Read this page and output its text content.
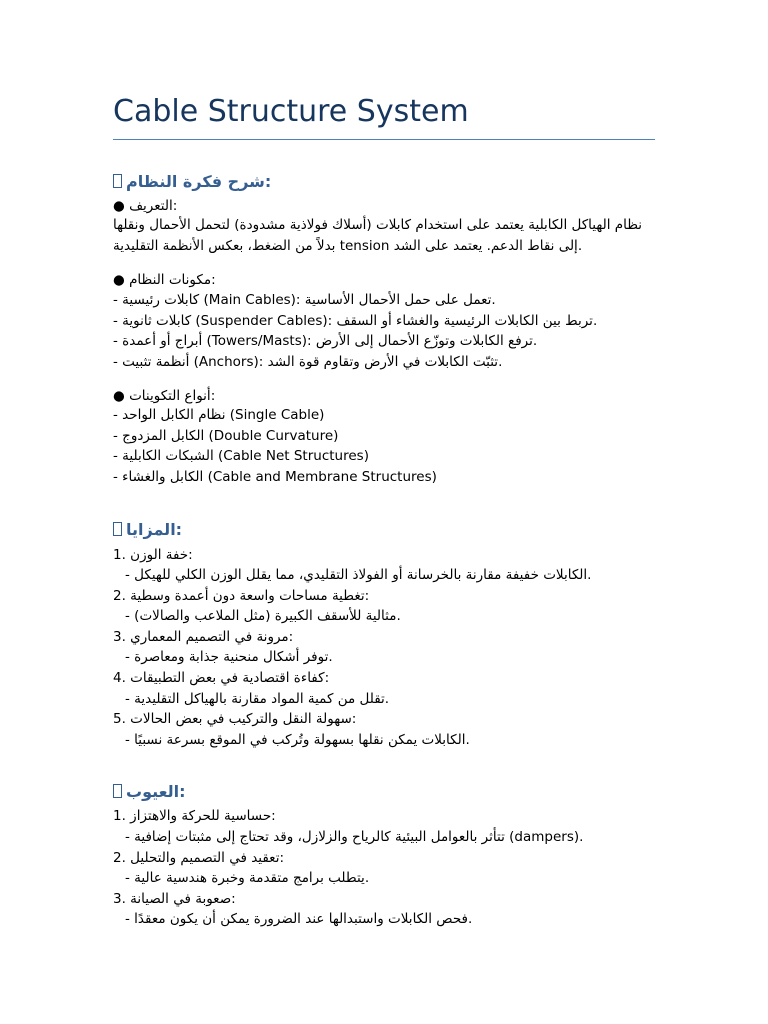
Cable Structure System
شرح فكرة النظام:
● التعريف:
نظام الهياكل الكابلية يعتمد على استخدام كابلات (أسلاك فولاذية مشدودة) لتحمل الأحمال ونقلها
بدلاً من الضغط، بعكس الأنظمة التقليدية tension إلى نقاط الدعم. يعتمد على الشد.
● مكونات النظام:
- كابلات رئيسية (Main Cables): تعمل على حمل الأحمال الأساسية.
- كابلات ثانوية (Suspender Cables): تربط بين الكابلات الرئيسية والغشاء أو السقف.
- أبراج أو أعمدة (Towers/Masts): ترفع الكابلات وتوزّع الأحمال إلى الأرض.
- أنظمة تثبيت (Anchors): تثبّت الكابلات في الأرض وتقاوم قوة الشد.
● أنواع التكوينات:
- نظام الكابل الواحد (Single Cable)
- الكابل المزدوج (Double Curvature)
- الشبكات الكابلية (Cable Net Structures)
- الكابل والغشاء (Cable and Membrane Structures)
المزايا:
1. خفة الوزن:
- الكابلات خفيفة مقارنة بالخرسانة أو الفولاذ التقليدي، مما يقلل الوزن الكلي للهيكل.
2. تغطية مساحات واسعة دون أعمدة وسطية:
- مثالية للأسقف الكبيرة (مثل الملاعب والصالات).
3. مرونة في التصميم المعماري:
- توفر أشكال منحنية جذابة ومعاصرة.
4. كفاءة اقتصادية في بعض التطبيقات:
- تقلل من كمية المواد مقارنة بالهياكل التقليدية.
5. سهولة النقل والتركيب في بعض الحالات:
- الكابلات يمكن نقلها بسهولة وتُركب في الموقع بسرعة نسبيًا.
العيوب:
1. حساسية للحركة والاهتزاز:
- تتأثر بالعوامل البيئية كالرياح والزلازل، وقد تحتاج إلى مثبتات إضافية (dampers).
2. تعقيد في التصميم والتحليل:
- يتطلب برامج متقدمة وخبرة هندسية عالية.
3. صعوبة في الصيانة:
- فحص الكابلات واستبدالها عند الضرورة يمكن أن يكون معقدًا.
